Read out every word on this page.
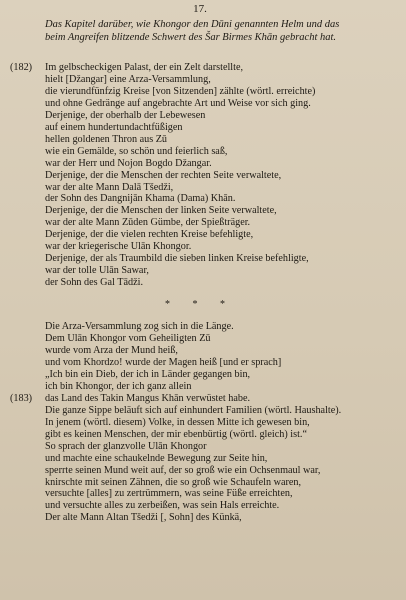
17.
Das Kapitel darüber, wie Khongor den Dūni genannten Helm und das
beim Angreifen blitzende Schwert des Šar Birmes Khān gebracht hat.
(182) Im gelbscheckigen Palast, der ein Zelt darstellte,
hielt [Džangar] eine Arza-Versammlung,
die vierundfünfzig Kreise [von Sitzenden] zählte (wörtl. erreichte)
und ohne Gedränge auf angebrachte Art und Weise vor sich ging.
Derjenige, der oberhalb der Lebewesen
auf einem hundertundachtfüßigen
hellen goldenen Thron aus Zū
wie ein Gemälde, so schön und feierlich saß,
war der Herr und Nojon Bogdo Džangar.
Derjenige, der die Menschen der rechten Seite verwaltete,
war der alte Mann Dalā Tšedži,
der Sohn des Dangnijān Khama (Dama) Khān.
Derjenige, der die Menschen der linken Seite verwaltete,
war der alte Mann Zūden Gümbe, der Spießträger.
Derjenige, der die vielen rechten Kreise befehligte,
war der kriegerische Ulān Khongor.
Derjenige, der als Traumbild die sieben linken Kreise befehligte,
war der tolle Ulān Sawar,
der Sohn des Gal Tādži.
* * *
Die Arza-Versammlung zog sich in die Länge.
Dem Ulān Khongor vom Geheiligten Zū
wurde vom Arza der Mund heiß,
und vom Khordzo! wurde der Magen heiß [und er sprach]
„Ich bin ein Dieb, der ich in Länder gegangen bin,
ich bin Khongor, der ich ganz allein
(183) das Land des Takin Mangus Khān verwüstet habe.
Die ganze Sippe beläuft sich auf einhundert Familien (wörtl. Haushalte).
In jenem (wörtl. diesem) Volke, in dessen Mitte ich gewesen bin,
gibt es keinen Menschen, der mir ebenbürtig (wörtl. gleich) ist.“
So sprach der glanzvolle Ulān Khongor
und machte eine schaukelnde Bewegung zur Seite hin,
sperrte seinen Mund weit auf, der so groß wie ein Ochsenmaul war,
knirschte mit seinen Zähnen, die so groß wie Schaufeln waren,
versuchte [alles] zu zertrümmern, was seine Füße erreichten,
und versuchte alles zu zerbeißen, was sein Hals erreichte.
Der alte Mann Altan Tšedži [, Sohn] des Künkä,
